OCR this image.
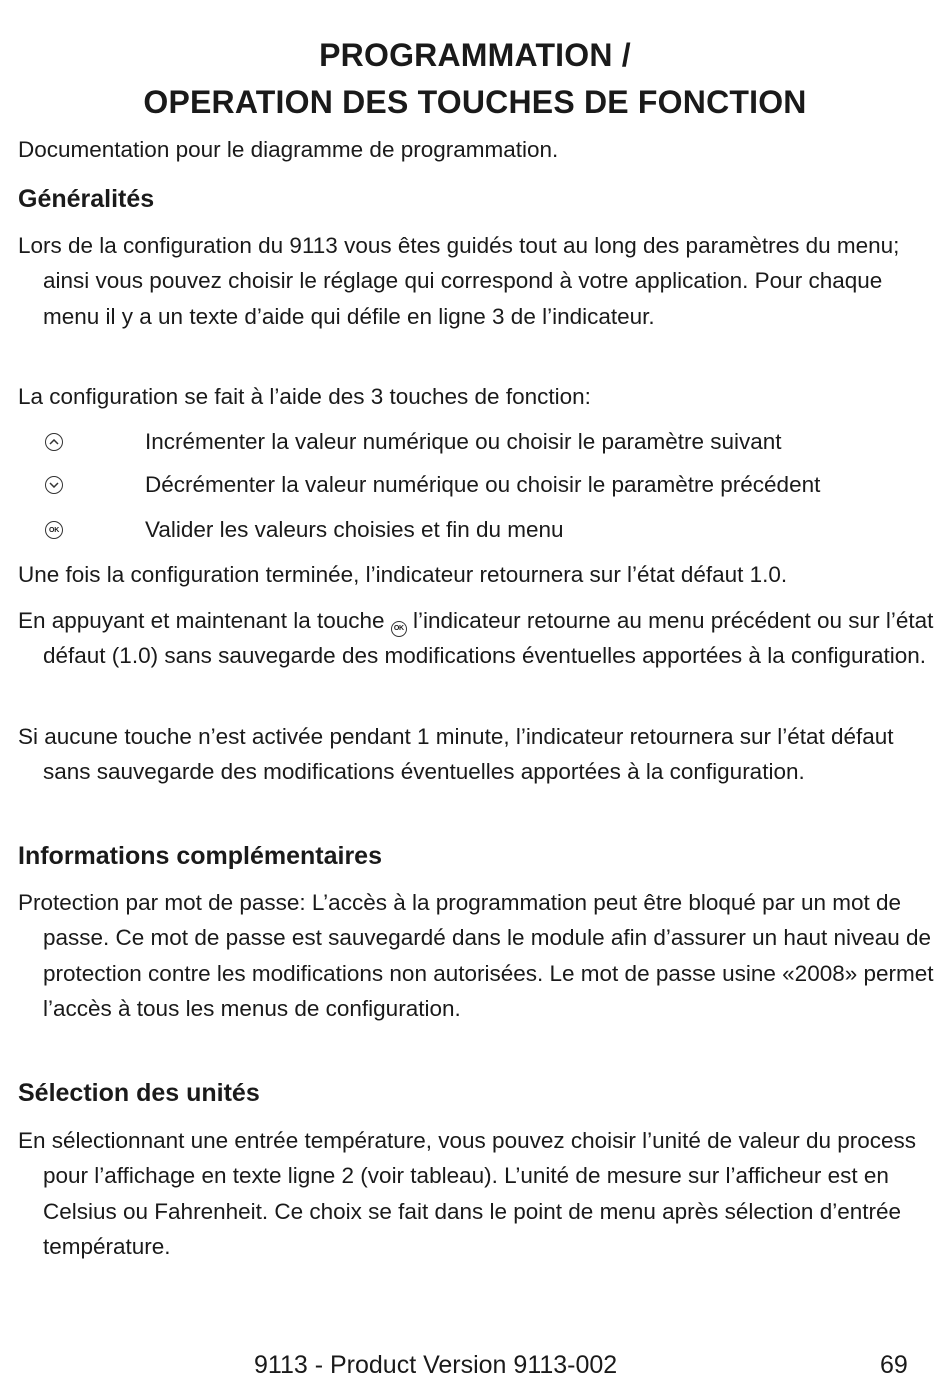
PROGRAMMATION /
OPERATION DES TOUCHES DE FONCTION
Documentation pour le diagramme de programmation.
Généralités
Lors de la configuration du 9113 vous êtes guidés tout au long des paramètres du menu; ainsi vous pouvez choisir le réglage qui correspond à votre application. Pour chaque menu il y a un texte d’aide qui défile en ligne 3 de l’indicateur.
La configuration se fait à l’aide des 3 touches de fonction:
Incrémenter la valeur numérique ou choisir le paramètre suivant
Décrémenter la valeur numérique ou choisir le paramètre précédent
OK	Valider les valeurs choisies et fin du menu
Une fois la configuration terminée, l’indicateur retournera sur l’état défaut 1.0.
En appuyant et maintenant la touche OK l’indicateur retourne au menu précédent ou sur l’état défaut (1.0) sans sauvegarde des modifications éventuelles apportées à la configuration.
Si aucune touche n’est activée pendant 1 minute, l’indicateur retournera sur l’état défaut sans sauvegarde des modifications éventuelles apportées à la configuration.
Informations complémentaires
Protection par mot de passe: L’accès à la programmation peut être bloqué par un mot de passe. Ce mot de passe est sauvegardé dans le module afin d’assurer un haut niveau de protection contre les modifications non autorisées. Le mot de passe usine «2008» permet l’accès à tous les menus de configuration.
Sélection des unités
En sélectionnant une entrée température, vous pouvez choisir l’unité de valeur du process pour l’affichage en texte ligne 2 (voir tableau). L’unité de mesure sur l’afficheur est en Celsius ou Fahrenheit. Ce choix se fait dans le point de menu après sélection d’entrée température.
9113 - Product Version 9113-002	69
